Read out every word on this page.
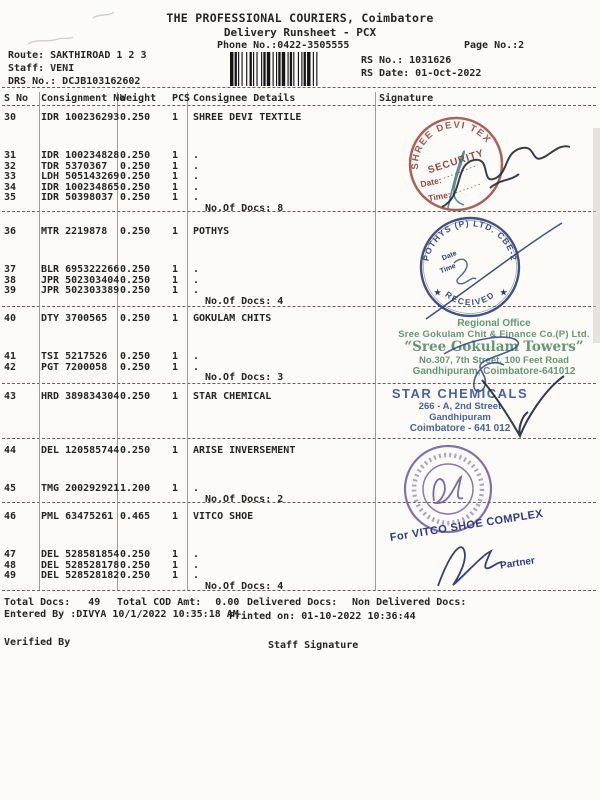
THE PROFESSIONAL COURIERS, Coimbatore
Delivery Runsheet - PCX
Phone No.:0422-3505555	Page No.:2
Route: SAKTHIROAD 1 2 3
Staff: VENI
DRS No.: DCJB103162602
RS No.: 1031626
RS Date: 01-Oct-2022
S No	Consignment No
Weight	PCS Consignee Details	Signature
30	IDR 100236293 0.250	1	SHREE DEVI TEXTILE
31	IDR 100234828 0.250	1	.
32	TDR 5370367	0.250	1	.
33	LDH 505143269 0.250	1	.
34	IDR 100234865 0.250	1	.
35	IDR 50398037 0.250	1	.
No.Of Docs: 8
36	MTR 2219878	0.250	1	POTHYS
37	BLR 695322266 0.250	1	.
38	JPR 502303404 0.250	1	.
39	JPR 502303389 0.250	1	.
No.Of Docs: 4
40	DTY 3700565	0.250	1	GOKULAM CHITS
41	TSI 5217526	0.250	1	.
42	PGT 7200058	0.250	1	.
No.Of Docs: 3
43	HRD 389834304 0.250	1	STAR CHEMICAL
44	DEL 120585744 0.250	1	ARISE INVERSEMENT
45	TMG 200292921 1.200	1	.
No.Of Docs: 2
46	PML 63475261 0.465	1	VITCO SHOE
47	DEL 528581854 0.250	1	.
48	DEL 528528178 0.250	1	.
49	DEL 528528182 0.250	1	.
No.Of Docs: 4
SHREE DEVI TEX
SECURITY
Date:
Time:
POTHYS (P) LTD. CBE-2
RECEIVED
★	★
Date
Time
Regional Office
Sree Gokulam Chit & Finance Co.(P) Ltd.
“Sree Gokulam Towers”
No.307, 7th Street, 100 Feet Road
Gandhipuram, Coimbatore-641012
STAR CHEMICALS
266 - A, 2nd Street
Gandhipuram
Coimbatore - 641 012
For VITCO SHOE COMPLEX
Partner
Total Docs: 49 Total COD Amt: 0.00 Delivered Docs: Non Delivered Docs:
Entered By :DIVYA 10/1/2022 10:35:18 AM
Printed on: 01-10-2022 10:36:44
Verified By	Staff Signature
